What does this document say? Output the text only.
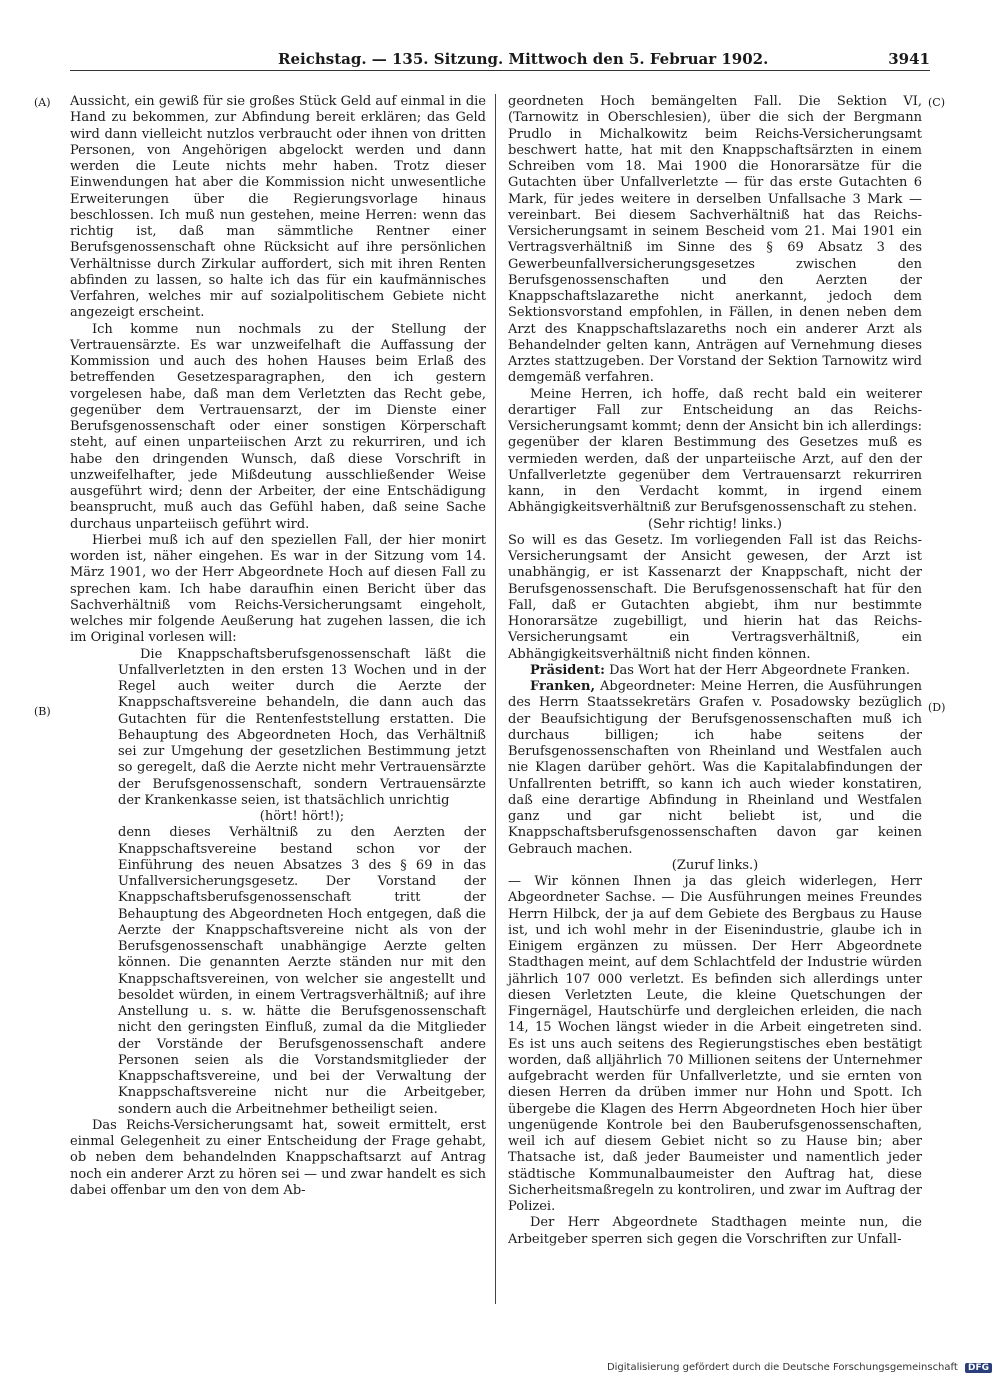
Reichstag. — 135. Sitzung. Mittwoch den 5. Februar 1902.	3941
(A)
(B)
(C)
(D)

Aussicht, ein gewiß für sie großes Stück Geld auf einmal in die Hand zu bekommen, zur Abfindung bereit erklären; das Geld wird dann vielleicht nutzlos verbraucht oder ihnen von dritten Personen, von Angehörigen abgelockt werden und dann werden die Leute nichts mehr haben. Trotz dieser Einwendungen hat aber die Kommission nicht unwesentliche Erweiterungen über die Regierungsvorlage hinaus beschlossen. Ich muß nun gestehen, meine Herren: wenn das richtig ist, daß man sämmtliche Rentner einer Berufsgenossenschaft ohne Rücksicht auf ihre persönlichen Verhältnisse durch Zirkular auffordert, sich mit ihren Renten abfinden zu lassen, so halte ich das für ein kaufmännisches Verfahren, welches mir auf sozialpolitischem Gebiete nicht angezeigt erscheint.

Ich komme nun nochmals zu der Stellung der Vertrauensärzte. Es war unzweifelhaft die Auffassung der Kommission und auch des hohen Hauses beim Erlaß des betreffenden Gesetzesparagraphen, den ich gestern vorgelesen habe, daß man dem Verletzten das Recht gebe, gegenüber dem Vertrauensarzt, der im Dienste einer Berufsgenossenschaft oder einer sonstigen Körperschaft steht, auf einen unparteiischen Arzt zu rekurriren, und ich habe den dringenden Wunsch, daß diese Vorschrift in unzweifelhafter, jede Mißdeutung ausschließender Weise ausgeführt wird; denn der Arbeiter, der eine Entschädigung beansprucht, muß auch das Gefühl haben, daß seine Sache durchaus unparteiisch geführt wird.

Hierbei muß ich auf den speziellen Fall, der hier monirt worden ist, näher eingehen. Es war in der Sitzung vom 14. März 1901, wo der Herr Abgeordnete Hoch auf diesen Fall zu sprechen kam. Ich habe daraufhin einen Bericht über das Sachverhältniß vom Reichs-Versicherungsamt eingeholt, welches mir folgende Aeußerung hat zugehen lassen, die ich im Original vorlesen will:

Die Knappschaftsberufsgenossenschaft läßt die Unfallverletzten in den ersten 13 Wochen und in der Regel auch weiter durch die Aerzte der Knappschaftsvereine behandeln, die dann auch das Gutachten für die Rentenfeststellung erstatten. Die Behauptung des Abgeordneten Hoch, das Verhältniß sei zur Umgehung der gesetzlichen Bestimmung jetzt so geregelt, daß die Aerzte nicht mehr Vertrauensärzte der Berufsgenossenschaft, sondern Vertrauensärzte der Krankenkasse seien, ist thatsächlich unrichtig

(hört! hört!);

denn dieses Verhältniß zu den Aerzten der Knappschaftsvereine bestand schon vor der Einführung des neuen Absatzes 3 des § 69 in das Unfallversicherungsgesetz. Der Vorstand der Knappschaftsberufsgenossenschaft tritt der Behauptung des Abgeordneten Hoch entgegen, daß die Aerzte der Knappschaftsvereine nicht als von der Berufsgenossenschaft unabhängige Aerzte gelten können. Die genannten Aerzte ständen nur mit den Knappschaftsvereinen, von welcher sie angestellt und besoldet würden, in einem Vertragsverhältniß; auf ihre Anstellung u. s. w. hätte die Berufsgenossenschaft nicht den geringsten Einfluß, zumal da die Mitglieder der Vorstände der Berufsgenossenschaft andere Personen seien als die Vorstandsmitglieder der Knappschaftsvereine, und bei der Verwaltung der Knappschaftsvereine nicht nur die Arbeitgeber, sondern auch die Arbeitnehmer betheiligt seien.

Das Reichs-Versicherungsamt hat, soweit ermittelt, erst einmal Gelegenheit zu einer Entscheidung der Frage gehabt, ob neben dem behandelnden Knappschaftsarzt auf Antrag noch ein anderer Arzt zu hören sei — und zwar handelt es sich dabei offenbar um den von dem Ab-

geordneten Hoch bemängelten Fall. Die Sektion VI, (Tarnowitz in Oberschlesien), über die sich der Bergmann Prudlo in Michalkowitz beim Reichs-Versicherungsamt beschwert hatte, hat mit den Knappschaftsärzten in einem Schreiben vom 18. Mai 1900 die Honorarsätze für die Gutachten über Unfallverletzte — für das erste Gutachten 6 Mark, für jedes weitere in derselben Unfallsache 3 Mark — vereinbart. Bei diesem Sachverhältniß hat das Reichs-Versicherungsamt in seinem Bescheid vom 21. Mai 1901 ein Vertragsverhältniß im Sinne des § 69 Absatz 3 des Gewerbeunfallversicherungsgesetzes zwischen den Berufsgenossenschaften und den Aerzten der Knappschaftslazarethe nicht anerkannt, jedoch dem Sektionsvorstand empfohlen, in Fällen, in denen neben dem Arzt des Knappschaftslazareths noch ein anderer Arzt als Behandelnder gelten kann, Anträgen auf Vernehmung dieses Arztes stattzugeben. Der Vorstand der Sektion Tarnowitz wird demgemäß verfahren.

Meine Herren, ich hoffe, daß recht bald ein weiterer derartiger Fall zur Entscheidung an das Reichs-Versicherungsamt kommt; denn der Ansicht bin ich allerdings: gegenüber der klaren Bestimmung des Gesetzes muß es vermieden werden, daß der unparteiische Arzt, auf den der Unfallverletzte gegenüber dem Vertrauensarzt rekurriren kann, in den Verdacht kommt, in irgend einem Abhängigkeitsverhältniß zur Berufsgenossenschaft zu stehen.

(Sehr richtig! links.)

So will es das Gesetz. Im vorliegenden Fall ist das Reichs-Versicherungsamt der Ansicht gewesen, der Arzt ist unabhängig, er ist Kassenarzt der Knappschaft, nicht der Berufsgenossenschaft. Die Berufsgenossenschaft hat für den Fall, daß er Gutachten abgiebt, ihm nur bestimmte Honorarsätze zugebilligt, und hierin hat das Reichs-Versicherungsamt ein Vertragsverhältniß, ein Abhängigkeitsverhältniß nicht finden können.

Präsident: Das Wort hat der Herr Abgeordnete Franken.

Franken, Abgeordneter: Meine Herren, die Ausführungen des Herrn Staatssekretärs Grafen v. Posadowsky bezüglich der Beaufsichtigung der Berufsgenossenschaften muß ich durchaus billigen; ich habe seitens der Berufsgenossenschaften von Rheinland und Westfalen auch nie Klagen darüber gehört. Was die Kapitalabfindungen der Unfallrenten betrifft, so kann ich auch wieder konstatiren, daß eine derartige Abfindung in Rheinland und Westfalen ganz und gar nicht beliebt ist, und die Knappschaftsberufsgenossenschaften davon gar keinen Gebrauch machen.

(Zuruf links.)

— Wir können Ihnen ja das gleich widerlegen, Herr Abgeordneter Sachse. — Die Ausführungen meines Freundes Herrn Hilbck, der ja auf dem Gebiete des Bergbaus zu Hause ist, und ich wohl mehr in der Eisenindustrie, glaube ich in Einigem ergänzen zu müssen. Der Herr Abgeordnete Stadthagen meint, auf dem Schlachtfeld der Industrie würden jährlich 107 000 verletzt. Es befinden sich allerdings unter diesen Verletzten Leute, die kleine Quetschungen der Fingernägel, Hautschürfe und dergleichen erleiden, die nach 14, 15 Wochen längst wieder in die Arbeit eingetreten sind. Es ist uns auch seitens des Regierungstisches eben bestätigt worden, daß alljährlich 70 Millionen seitens der Unternehmer aufgebracht werden für Unfallverletzte, und sie ernten von diesen Herren da drüben immer nur Hohn und Spott. Ich übergebe die Klagen des Herrn Abgeordneten Hoch hier über ungenügende Kontrole bei den Bauberufsgenossenschaften, weil ich auf diesem Gebiet nicht so zu Hause bin; aber Thatsache ist, daß jeder Baumeister und namentlich jeder städtische Kommunalbaumeister den Auftrag hat, diese Sicherheitsmaßregeln zu kontroliren, und zwar im Auftrag der Polizei.

Der Herr Abgeordnete Stadthagen meinte nun, die Arbeitgeber sperren sich gegen die Vorschriften zur Unfall-

Digitalisierung gefördert durch die Deutsche Forschungsgemeinschaft DFG
